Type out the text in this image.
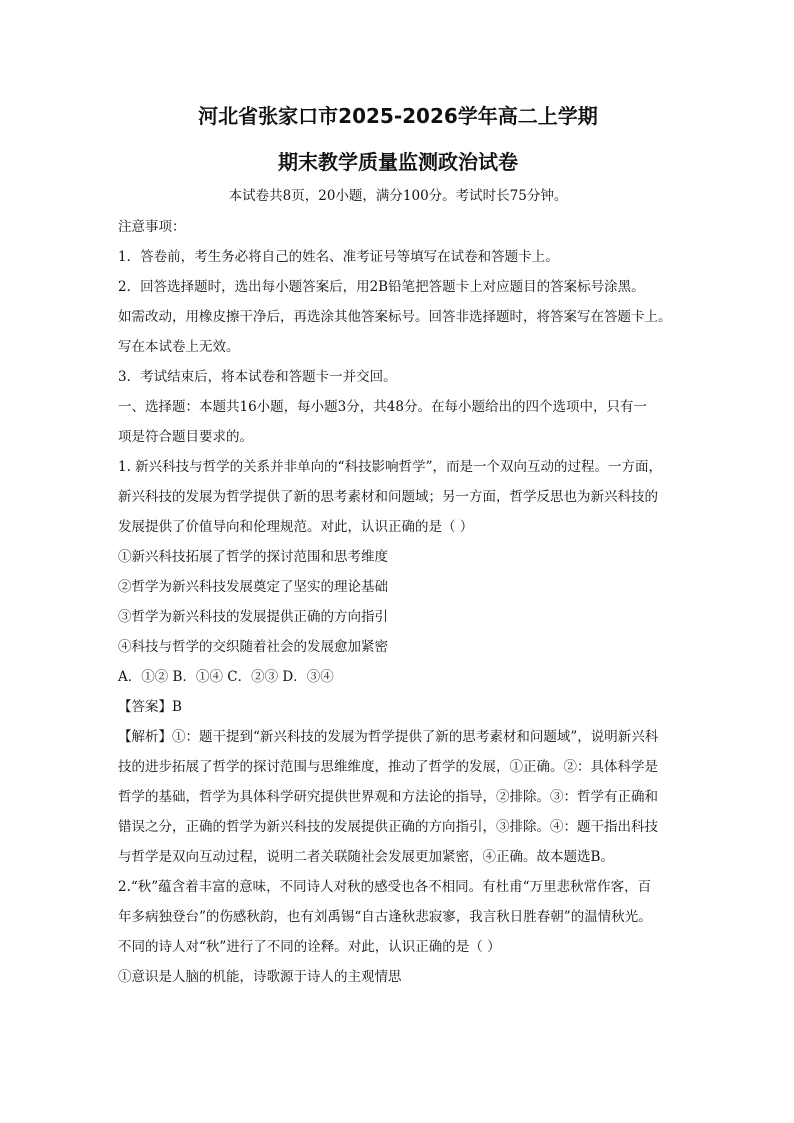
河北省张家口市2025-2026学年高二上学期
期末教学质量监测政治试卷
本试卷共8页，20小题，满分100分。考试时长75分钟。

注意事项：

1．答卷前，考生务必将自己的姓名、准考证号等填写在试卷和答题卡上。

2．回答选择题时，选出每小题答案后，用2B铅笔把答题卡上对应题目的答案标号涂黑。

如需改动，用橡皮擦干净后，再选涂其他答案标号。回答非选择题时，将答案写在答题卡上。

写在本试卷上无效。

3．考试结束后，将本试卷和答题卡一并交回。

一、选择题：本题共16小题，每小题3分，共48分。在每小题给出的四个选项中，只有一

项是符合题目要求的。

1. 新兴科技与哲学的关系并非单向的“科技影响哲学”，而是一个双向互动的过程。一方面，

新兴科技的发展为哲学提供了新的思考素材和问题域；另一方面，哲学反思也为新兴科技的

发展提供了价值导向和伦理规范。对此，认识正确的是（ ）

①新兴科技拓展了哲学的探讨范围和思考维度

②哲学为新兴科技发展奠定了坚实的理论基础

③哲学为新兴科技的发展提供正确的方向指引

④科技与哲学的交织随着社会的发展愈加紧密

A．①② B．①④ C．②③ D．③④

【答案】B

【解析】①：题干提到“新兴科技的发展为哲学提供了新的思考素材和问题域”，说明新兴科

技的进步拓展了哲学的探讨范围与思维维度，推动了哲学的发展，①正确。②：具体科学是

哲学的基础，哲学为具体科学研究提供世界观和方法论的指导，②排除。③：哲学有正确和

错误之分，正确的哲学为新兴科技的发展提供正确的方向指引，③排除。④：题干指出科技

与哲学是双向互动过程，说明二者关联随社会发展更加紧密，④正确。故本题选B。

2.“秋”蕴含着丰富的意味，不同诗人对秋的感受也各不相同。有杜甫“万里悲秋常作客，百

年多病独登台”的伤感秋韵，也有刘禹锡“自古逢秋悲寂寥，我言秋日胜春朝”的温情秋光。

不同的诗人对“秋”进行了不同的诠释。对此，认识正确的是（ ）

①意识是人脑的机能，诗歌源于诗人的主观情思
